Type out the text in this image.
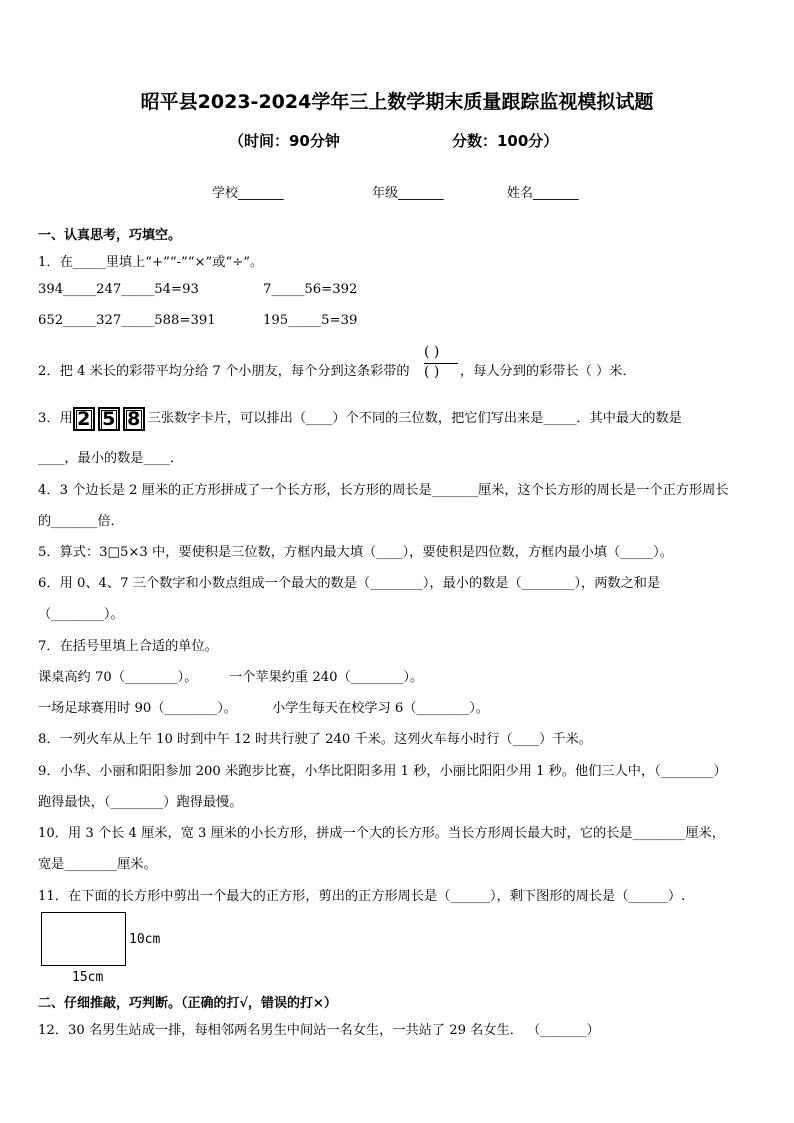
昭平县2023-2024学年三上数学期末质量跟踪监视模拟试题
（时间：90分钟	分数：100分）
学校_______	年级_______	姓名_______
一、认真思考，巧填空。
1．在_____里填上“+”“-”“×”或“÷”。
394_____247_____54=93	7_____56=392
652_____327_____588=391	195_____5=39
2．把 4 米长的彩带平均分给 7 个小朋友，每个分到这条彩带的
( )
( ) ，每人分到的彩带长（ ）米．
3．用 2 5 8 三张数字卡片，可以排出（____）个不同的三位数，把它们写出来是_____．其中最大的数是
____，最小的数是____．
4．3 个边长是 2 厘米的正方形拼成了一个长方形，长方形的周长是_______厘米，这个长方形的周长是一个正方形周长
的_______倍．
5．算式：3□5×3 中，要使积是三位数，方框内最大填（____），要使积是四位数，方框内最小填（_____）。
6．用 0、4、7 三个数字和小数点组成一个最大的数是（________），最小的数是（________），两数之和是
（________）。
7．在括号里填上合适的单位。
课桌高约 70（________）。 一个苹果约重 240（________）。
一场足球赛用时 90（________）。	小学生每天在校学习 6（________）。
8．一列火车从上午 10 时到中午 12 时共行驶了 240 千米。这列火车每小时行（____）千米。
9．小华、小丽和阳阳参加 200 米跑步比赛，小华比阳阳多用 1 秒，小丽比阳阳少用 1 秒。他们三人中，（________）
跑得最快，（________）跑得最慢。
10．用 3 个长 4 厘米，宽 3 厘米的小长方形，拼成一个大的长方形。当长方形周长最大时，它的长是________厘米，
宽是________厘米。
11．在下面的长方形中剪出一个最大的正方形，剪出的正方形周长是（______），剩下图形的周长是（______）.
10cm
15cm
二、仔细推敲，巧判断。（正确的打√，错误的打×）
12．30 名男生站成一排，每相邻两名男生中间站一名女生，一共站了 29 名女生． （_______）
